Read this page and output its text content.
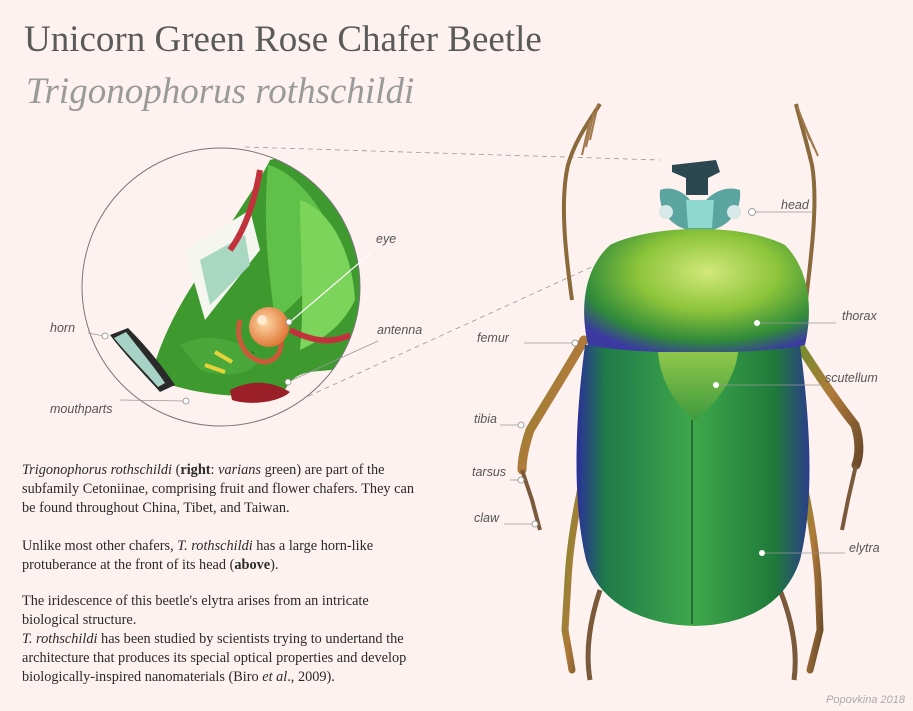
Unicorn Green Rose Chafer Beetle
Trigonophorus rothschildi
eye
horn	antenna
mouthparts
head
thorax
femur
scutellum
tibia
tarsus
claw
elytra

Trigonophorus rothschildi (right: varians green) are part of the subfamily Cetoniinae, comprising fruit and flower chafers. They can be found throughout China, Tibet, and Taiwan.

Unlike most other chafers, T. rothschildi has a large horn-like protuberance at the front of its head (above).

The iridescence of this beetle's elytra arises from an intricate biological structure.

T. rothschildi has been studied by scientists trying to undertand the architecture that produces its special optical properties and develop biologically-inspired nanomaterials (Biro et al., 2009).

Popovkina 2018
